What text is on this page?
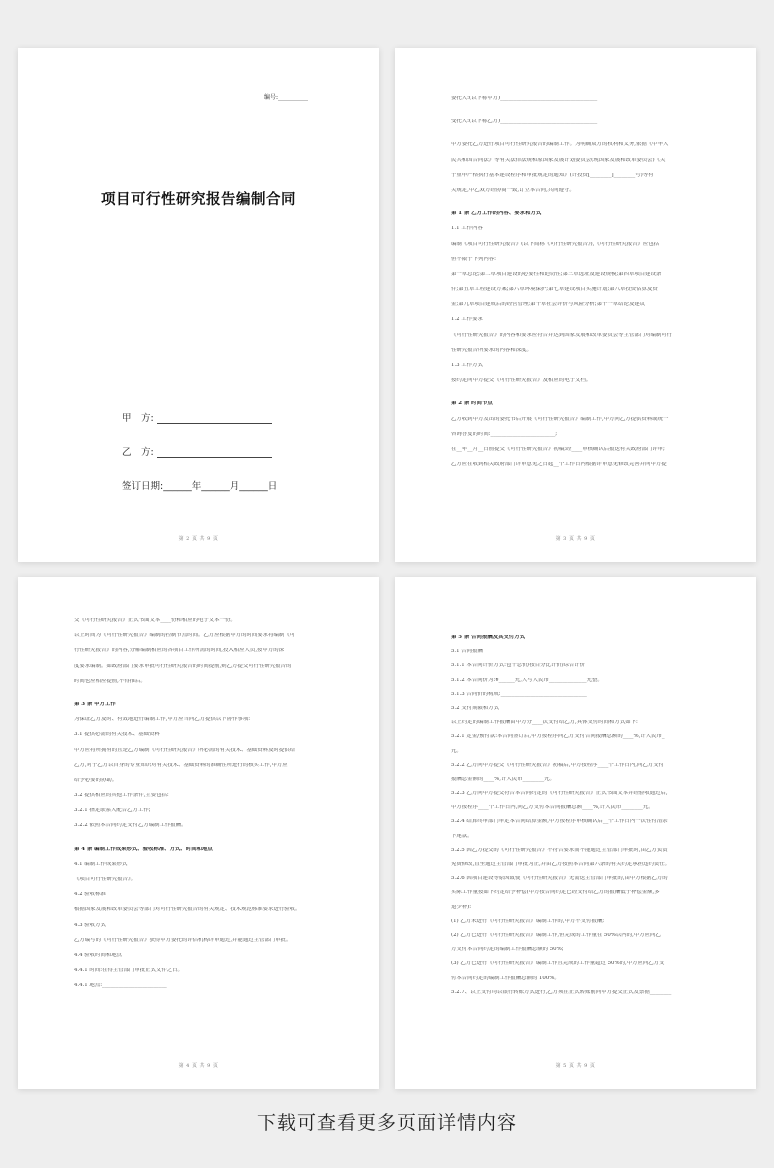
编号:__________
项目可行性研究报告编制合同
甲　方:
乙　方:
签订日期:______年______月______日
第 2 页 共 9 页
委托人:(以下称甲方)____________________________________
受托人:(以下称乙方)____________________________________
甲方委托乙方进行项目可行性研究报告的编制工作。为明确双方的权利和义务,依据《中华人
民共和国合同法》等有关法律法规和原国家发展计划委员会(现国家发展和改革委员会)《关
于重申严格执行基本建设程序和审批规定的通知》(计投资[________]________号)等有
关规定,甲乙双方经协商一致,订立本合同,共同遵守。
第 1 条 乙方工作的内容、要求和方式
1.1 工作内容
编制《项目可行性研究报告》(以下简称《可行性研究报告》),《可行性研究报告》应包括
但不限于下列内容:
第一章总论;第二章项目建设的必要性和迫切性;第三章选址及建设规模;第四章项目建设条
件;第五章工程建设方案;第六章环境保护;第七章建设项目实施计划;第八章投资估算及资
金;第九章项目建成后的经营管理;第十章社会评价与风险分析;第十一章结论及建议
1.2 工作要求
《可行性研究报告》的内容和要求应符合并达到国家发展和改革委员会等主管部门对编制可行
性研究报告所要求的内容和深度。
1.3 工作方式
按约定向甲方提交《可行性研究报告》及相应的电子文档。
第 2 条 时间节点
乙方收到甲方发出的委托书后开展《可行性研究报告》编制工作,甲方向乙方提供资料或统一
咨询答复的时间:________________________;
在__年__月__日前提交《可行性研究报告》初稿;经____审核确认后报送有关政府部门评审;
乙方应在收到相关政府部门评审意见之日起__个工作日内根据评审意见修改完善并向甲方提
第 3 页 共 9 页
交《可行性研究报告》正式书面文本____份和相应的电子文本一份。
以上时间为《可行性研究报告》编制的控制节点时间。乙方应根据甲方的时间要求将编制《可
行性研究报告》的内容,分解编制相应的各项目工作所需的时间,投入相应人员,按甲方的深
度要求编制。如政府部门要求审批可行性研究报告的时间提前,则乙方提交可行性研究报告的
时间也应相应提前,不得推后。
第 3 条 甲方工作
为保证乙方及时、有效地进行编制工作,甲方应当向乙方提供以下协作事项:
3.1 提供必需的有关技术、基础资料
甲方应将所拥有的且是乙方编制《可行性研究报告》所必需的有关技术、基础资料及时提供给
乙方,对于乙方以自身的专业知识对有关技术、基础资料的准确性所进行的核实工作,甲方应
给予必要的协助。
3.2 提供相应的其他工作条件,主要包括:
3.2.1 指定联系人配合乙方工作;
3.2.2 依照本合同约定支付乙方编制工作报酬。
第 4 条 编制工作成果形式、验收标准、方式、时间和地点
4.1 编制工作成果形式
《项目可行性研究报告》。
4.2 验收标准
根据国家发展和改革委员会等部门对可行性研究报告的有关规定、技术规范标准要求进行验收。
4.3 验收方式
乙方编写的《可行性研究报告》获得甲方委托的评估机构评审通过,并能通过主管部门审批。
4.4 验收时间和地点
4.4.1 时间:在得主管部门审批正式文件之日。
4.4.1 地点:________________________
第 4 页 共 9 页
第 5 条 合同报酬及其支付方式
5.1 合同报酬
5.1.1 本合同计价方式:包干总价/按百分比计价/综合计价
5.1.2 本合同价为:¥______元,大写人民币______________元整。
5.1.3 合同价的构成:________________________________
5.2 支付期限和方式
以上约定的编制工作报酬由甲方分____次支付给乙方,具体支付时间和方式如下:
5.2.1 定金/预付款:本合同签订后,甲方按程序向乙方支付合同报酬总额的____%,计人民币_
元。
5.2.2 乙方向甲方提交《可行性研究报告》初稿后,甲方按程序____个工作日内,向乙方支付
报酬总金额的____%,计人民币________元。
5.2.3 乙方向甲方提交符合本合同约定的《可行性研究报告》正式书面文本并经验收通过后,
甲方按程序____个工作日内,向乙方支付本合同报酬总额____%,计人民币________元。
5.2.4 结算终审部门审定本合同结算金额,甲方按程序审核确认后__个工作日内一次性付清余
下尾款。
5.2.5 因乙方提交的《可行性研究报告》不符合要求而不能通过主管部门审批时,由乙方负责
免费修改,直至通过主管部门审批为止,并由乙方按照本合同第六条的有关约定承担违约责任。
5.2.6 因项目建设等原因致使《可行性研究报告》无需送主管部门审批的,由甲方根据乙方的
实际工作量按如下约定给予补偿(甲方按合同约定已经支付给乙方的报酬低于补偿金额,多
退少补):
(1) 乙方未进行《可行性研究报告》编制工作的,甲方不支付报酬;
(2) 乙方已进行《可行性研究报告》编制工作,但完成的工作量在 50%以内的,甲方应向乙
方支付本合同约定的编制工作报酬总额的 50%;
(3) 乙方已进行《可行性研究报告》编制工作且完成的工作量超过 50%的,甲方应向乙方支
付本合同约定的编制工作报酬总额的 100%。
5.2.7、以上支付均以银行转账方式进行,乙方须在正式转账前向甲方提交正式发票据________
第 5 页 共 9 页
下载可查看更多页面详情内容
